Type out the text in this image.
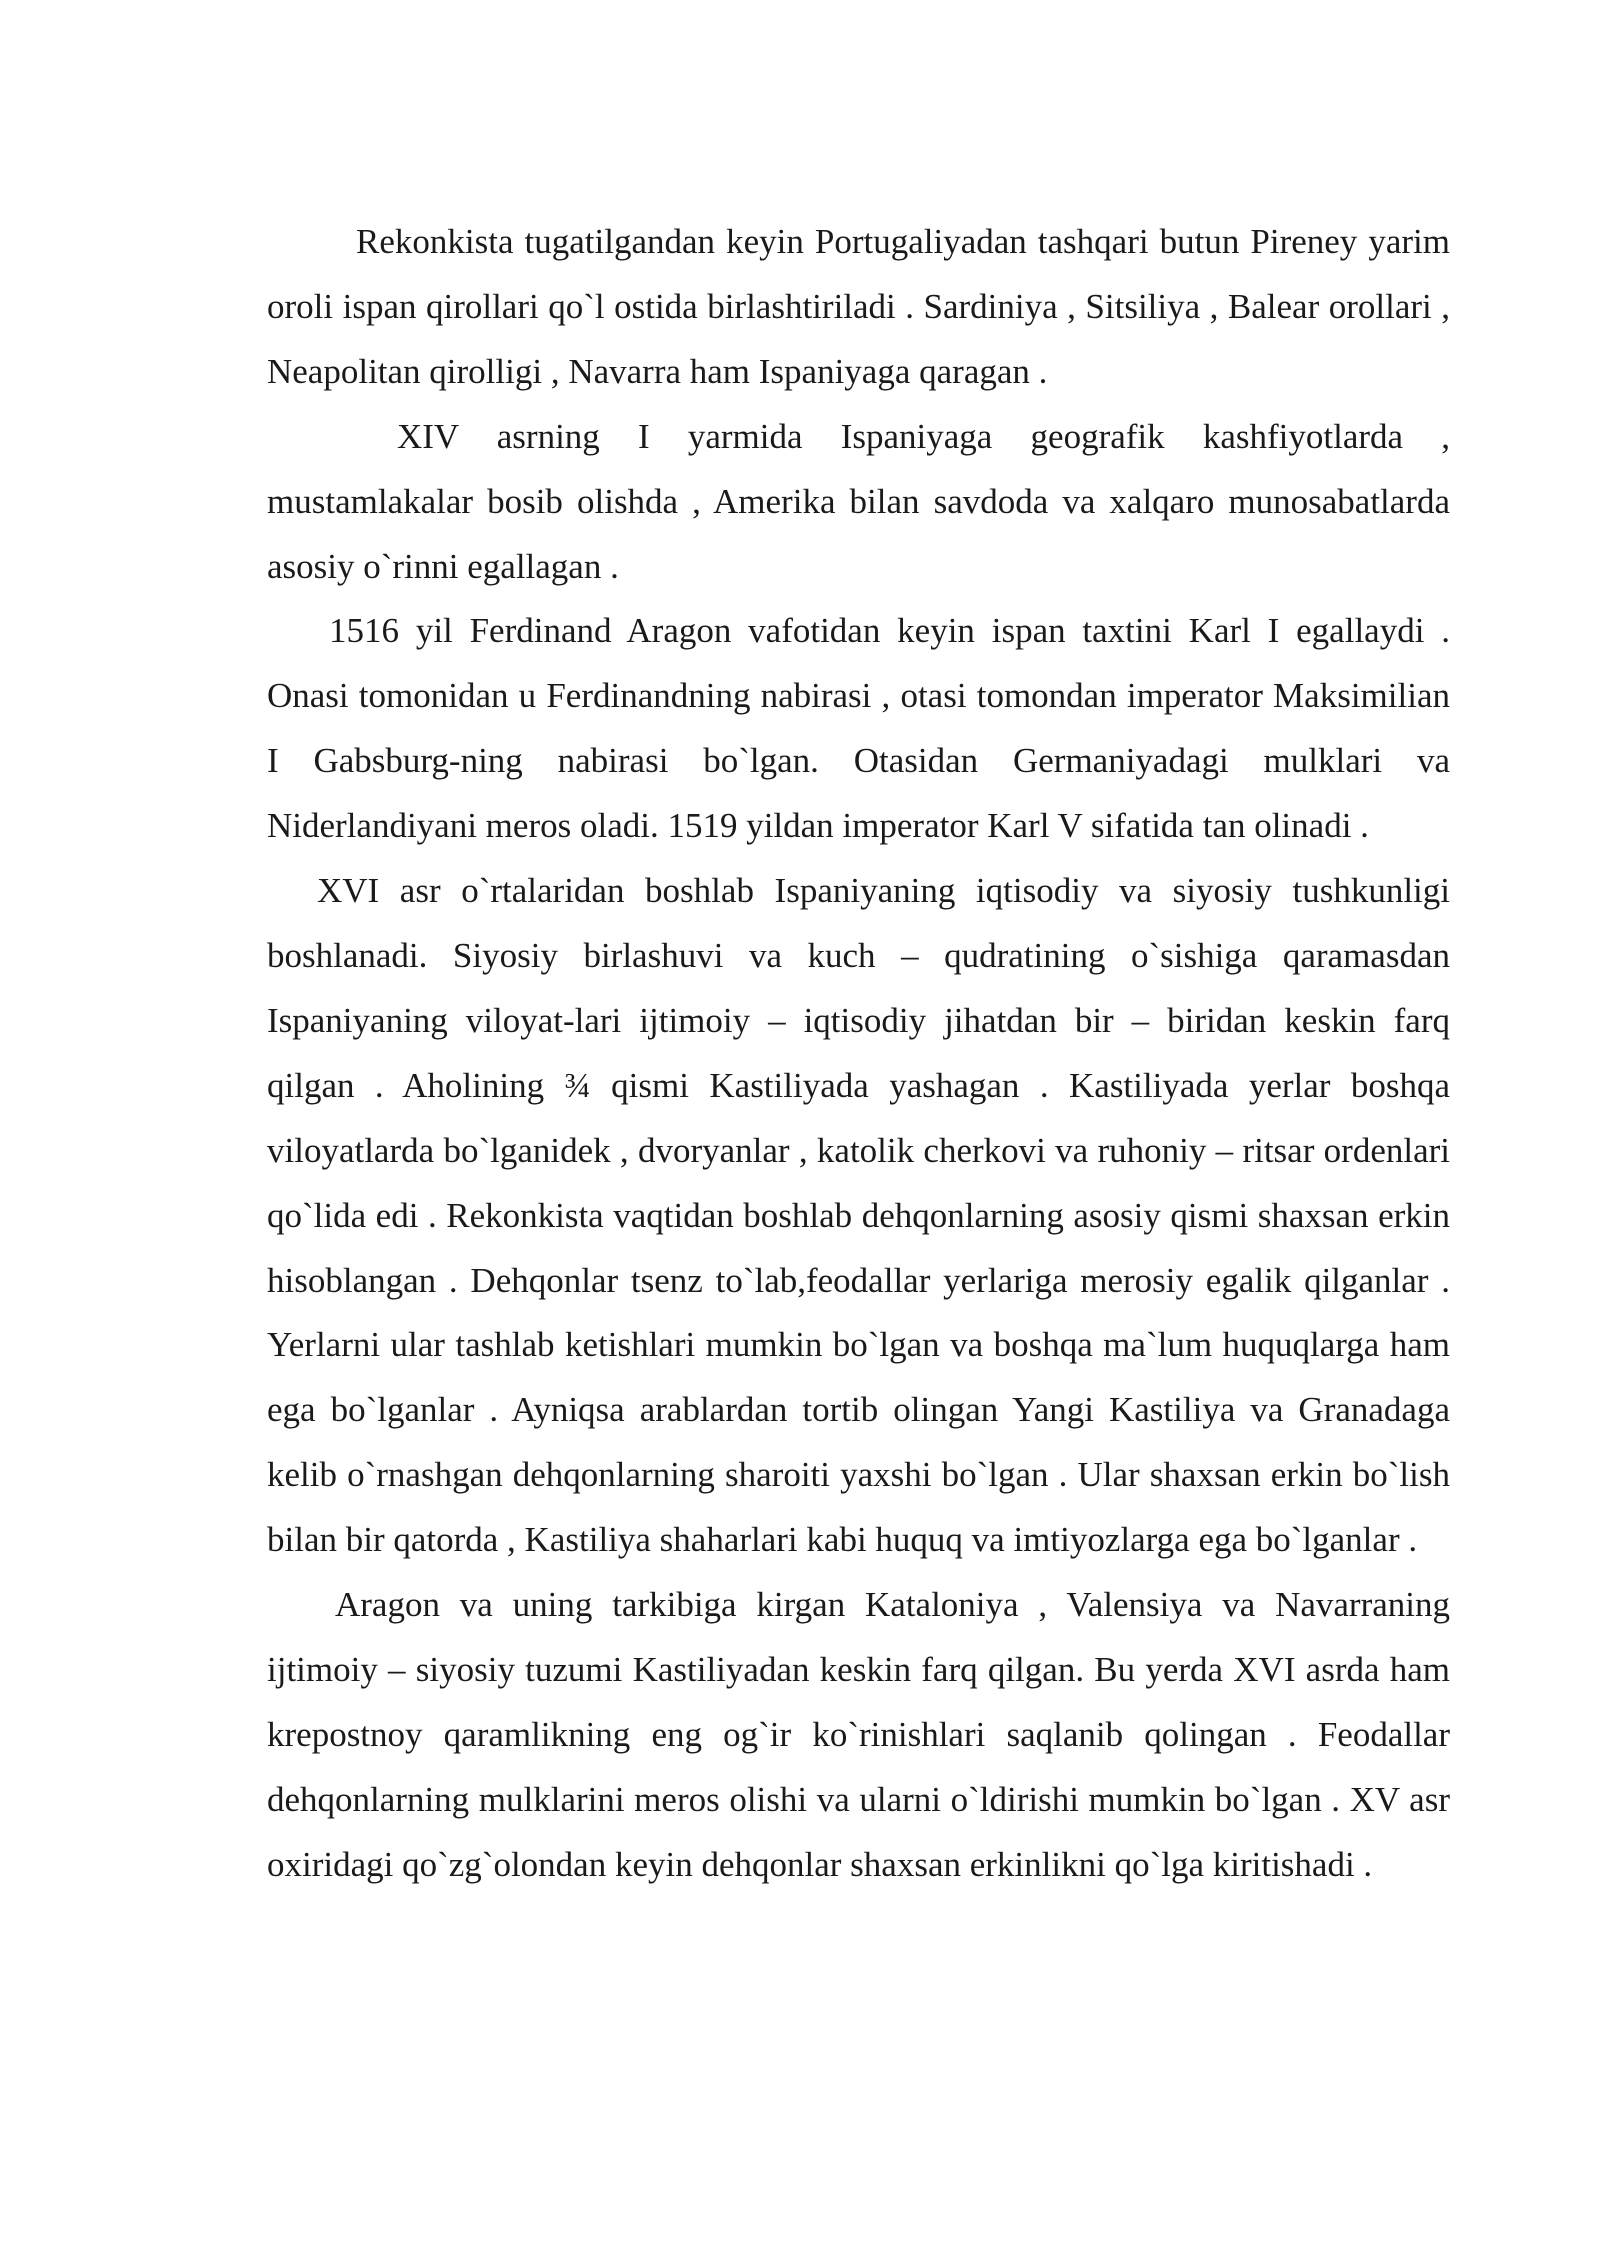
Rekonkista tugatilgandan keyin Portugaliyadan tashqari butun Pireney yarim oroli ispan qirollari qo`l ostida birlashtiriladi . Sardiniya , Sitsiliya , Balear orollari , Neapolitan qirolligi , Navarra ham Ispaniyaga qaragan .

XIV asrning I yarmida Ispaniyaga geografik kashfiyotlarda , mustamlakalar bosib olishda , Amerika bilan savdoda va xalqaro munosabatlarda asosiy o`rinni egallagan .

1516 yil Ferdinand Aragon vafotidan keyin ispan taxtini Karl I egallaydi . Onasi tomonidan u Ferdinandning nabirasi , otasi tomondan imperator Maksimilian I Gabsburg-ning nabirasi bo`lgan. Otasidan Germaniyadagi mulklari va Niderlandiyani meros oladi. 1519 yildan imperator Karl V sifatida tan olinadi .

XVI asr o`rtalaridan boshlab Ispaniyaning iqtisodiy va siyosiy tushkunligi boshlanadi. Siyosiy birlashuvi va kuch – qudratining o`sishiga qaramasdan Ispaniyaning viloyat-lari ijtimoiy – iqtisodiy jihatdan bir – biridan keskin farq qilgan . Aholining ¾ qismi Kastiliyada yashagan . Kastiliyada yerlar boshqa viloyatlarda bo`lganidek , dvoryanlar , katolik cherkovi va ruhoniy – ritsar ordenlari qo`lida edi . Rekonkista vaqtidan boshlab dehqonlarning asosiy qismi shaxsan erkin hisoblangan . Dehqonlar tsenz to`lab,feodallar yerlariga merosiy egalik qilganlar . Yerlarni ular tashlab ketishlari mumkin bo`lgan va boshqa ma`lum huquqlarga ham ega bo`lganlar . Ayniqsa arablardan tortib olingan Yangi Kastiliya va Granadaga kelib o`rnashgan dehqonlarning sharoiti yaxshi bo`lgan . Ular shaxsan erkin bo`lish bilan bir qatorda , Kastiliya shaharlari kabi huquq va imtiyozlarga ega bo`lganlar .

Aragon va uning tarkibiga kirgan Kataloniya , Valensiya va Navarraning ijtimoiy – siyosiy tuzumi Kastiliyadan keskin farq qilgan. Bu yerda XVI asrda ham krepostnoy qaramlikning eng og`ir ko`rinishlari saqlanib qolingan . Feodallar dehqonlarning mulklarini meros olishi va ularni o`ldirishi mumkin bo`lgan . XV asr oxiridagi qo`zg`olondan keyin dehqonlar shaxsan erkinlikni qo`lga kiritishadi .
